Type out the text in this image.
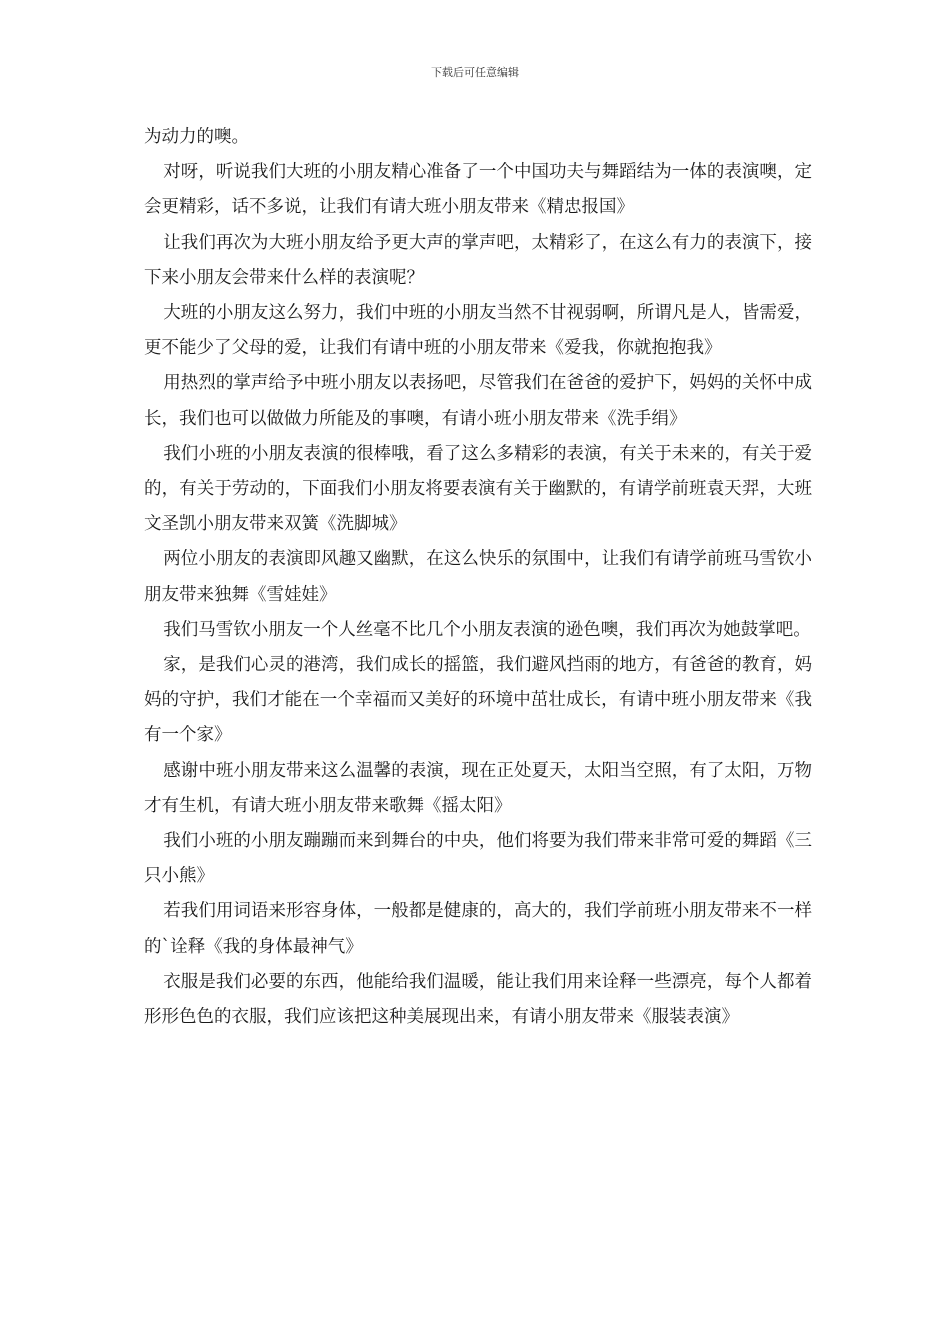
下载后可任意编辑

为动力的噢。

对呀，听说我们大班的小朋友精心准备了一个中国功夫与舞蹈结为一体的表演噢，定会更精彩，话不多说，让我们有请大班小朋友带来《精忠报国》

让我们再次为大班小朋友给予更大声的掌声吧，太精彩了，在这么有力的表演下，接下来小朋友会带来什么样的表演呢？

大班的小朋友这么努力，我们中班的小朋友当然不甘视弱啊，所谓凡是人，皆需爱，更不能少了父母的爱，让我们有请中班的小朋友带来《爱我，你就抱抱我》

用热烈的掌声给予中班小朋友以表扬吧，尽管我们在爸爸的爱护下，妈妈的关怀中成长，我们也可以做做力所能及的事噢，有请小班小朋友带来《洗手绢》

我们小班的小朋友表演的很棒哦，看了这么多精彩的表演，有关于未来的，有关于爱的，有关于劳动的，下面我们小朋友将要表演有关于幽默的，有请学前班袁天羿，大班文圣凯小朋友带来双簧《洗脚城》

两位小朋友的表演即风趣又幽默，在这么快乐的氛围中，让我们有请学前班马雪钦小朋友带来独舞《雪娃娃》

我们马雪钦小朋友一个人丝毫不比几个小朋友表演的逊色噢，我们再次为她鼓掌吧。

家，是我们心灵的港湾，我们成长的摇篮，我们避风挡雨的地方，有爸爸的教育，妈妈的守护，我们才能在一个幸福而又美好的环境中茁壮成长，有请中班小朋友带来《我有一个家》

感谢中班小朋友带来这么温馨的表演，现在正处夏天，太阳当空照，有了太阳，万物才有生机，有请大班小朋友带来歌舞《摇太阳》

我们小班的小朋友蹦蹦而来到舞台的中央，他们将要为我们带来非常可爱的舞蹈《三只小熊》

若我们用词语来形容身体，一般都是健康的，高大的，我们学前班小朋友带来不一样的`诠释《我的身体最神气》

衣服是我们必要的东西，他能给我们温暖，能让我们用来诠释一些漂亮，每个人都着形形色色的衣服，我们应该把这种美展现出来，有请小朋友带来《服装表演》
